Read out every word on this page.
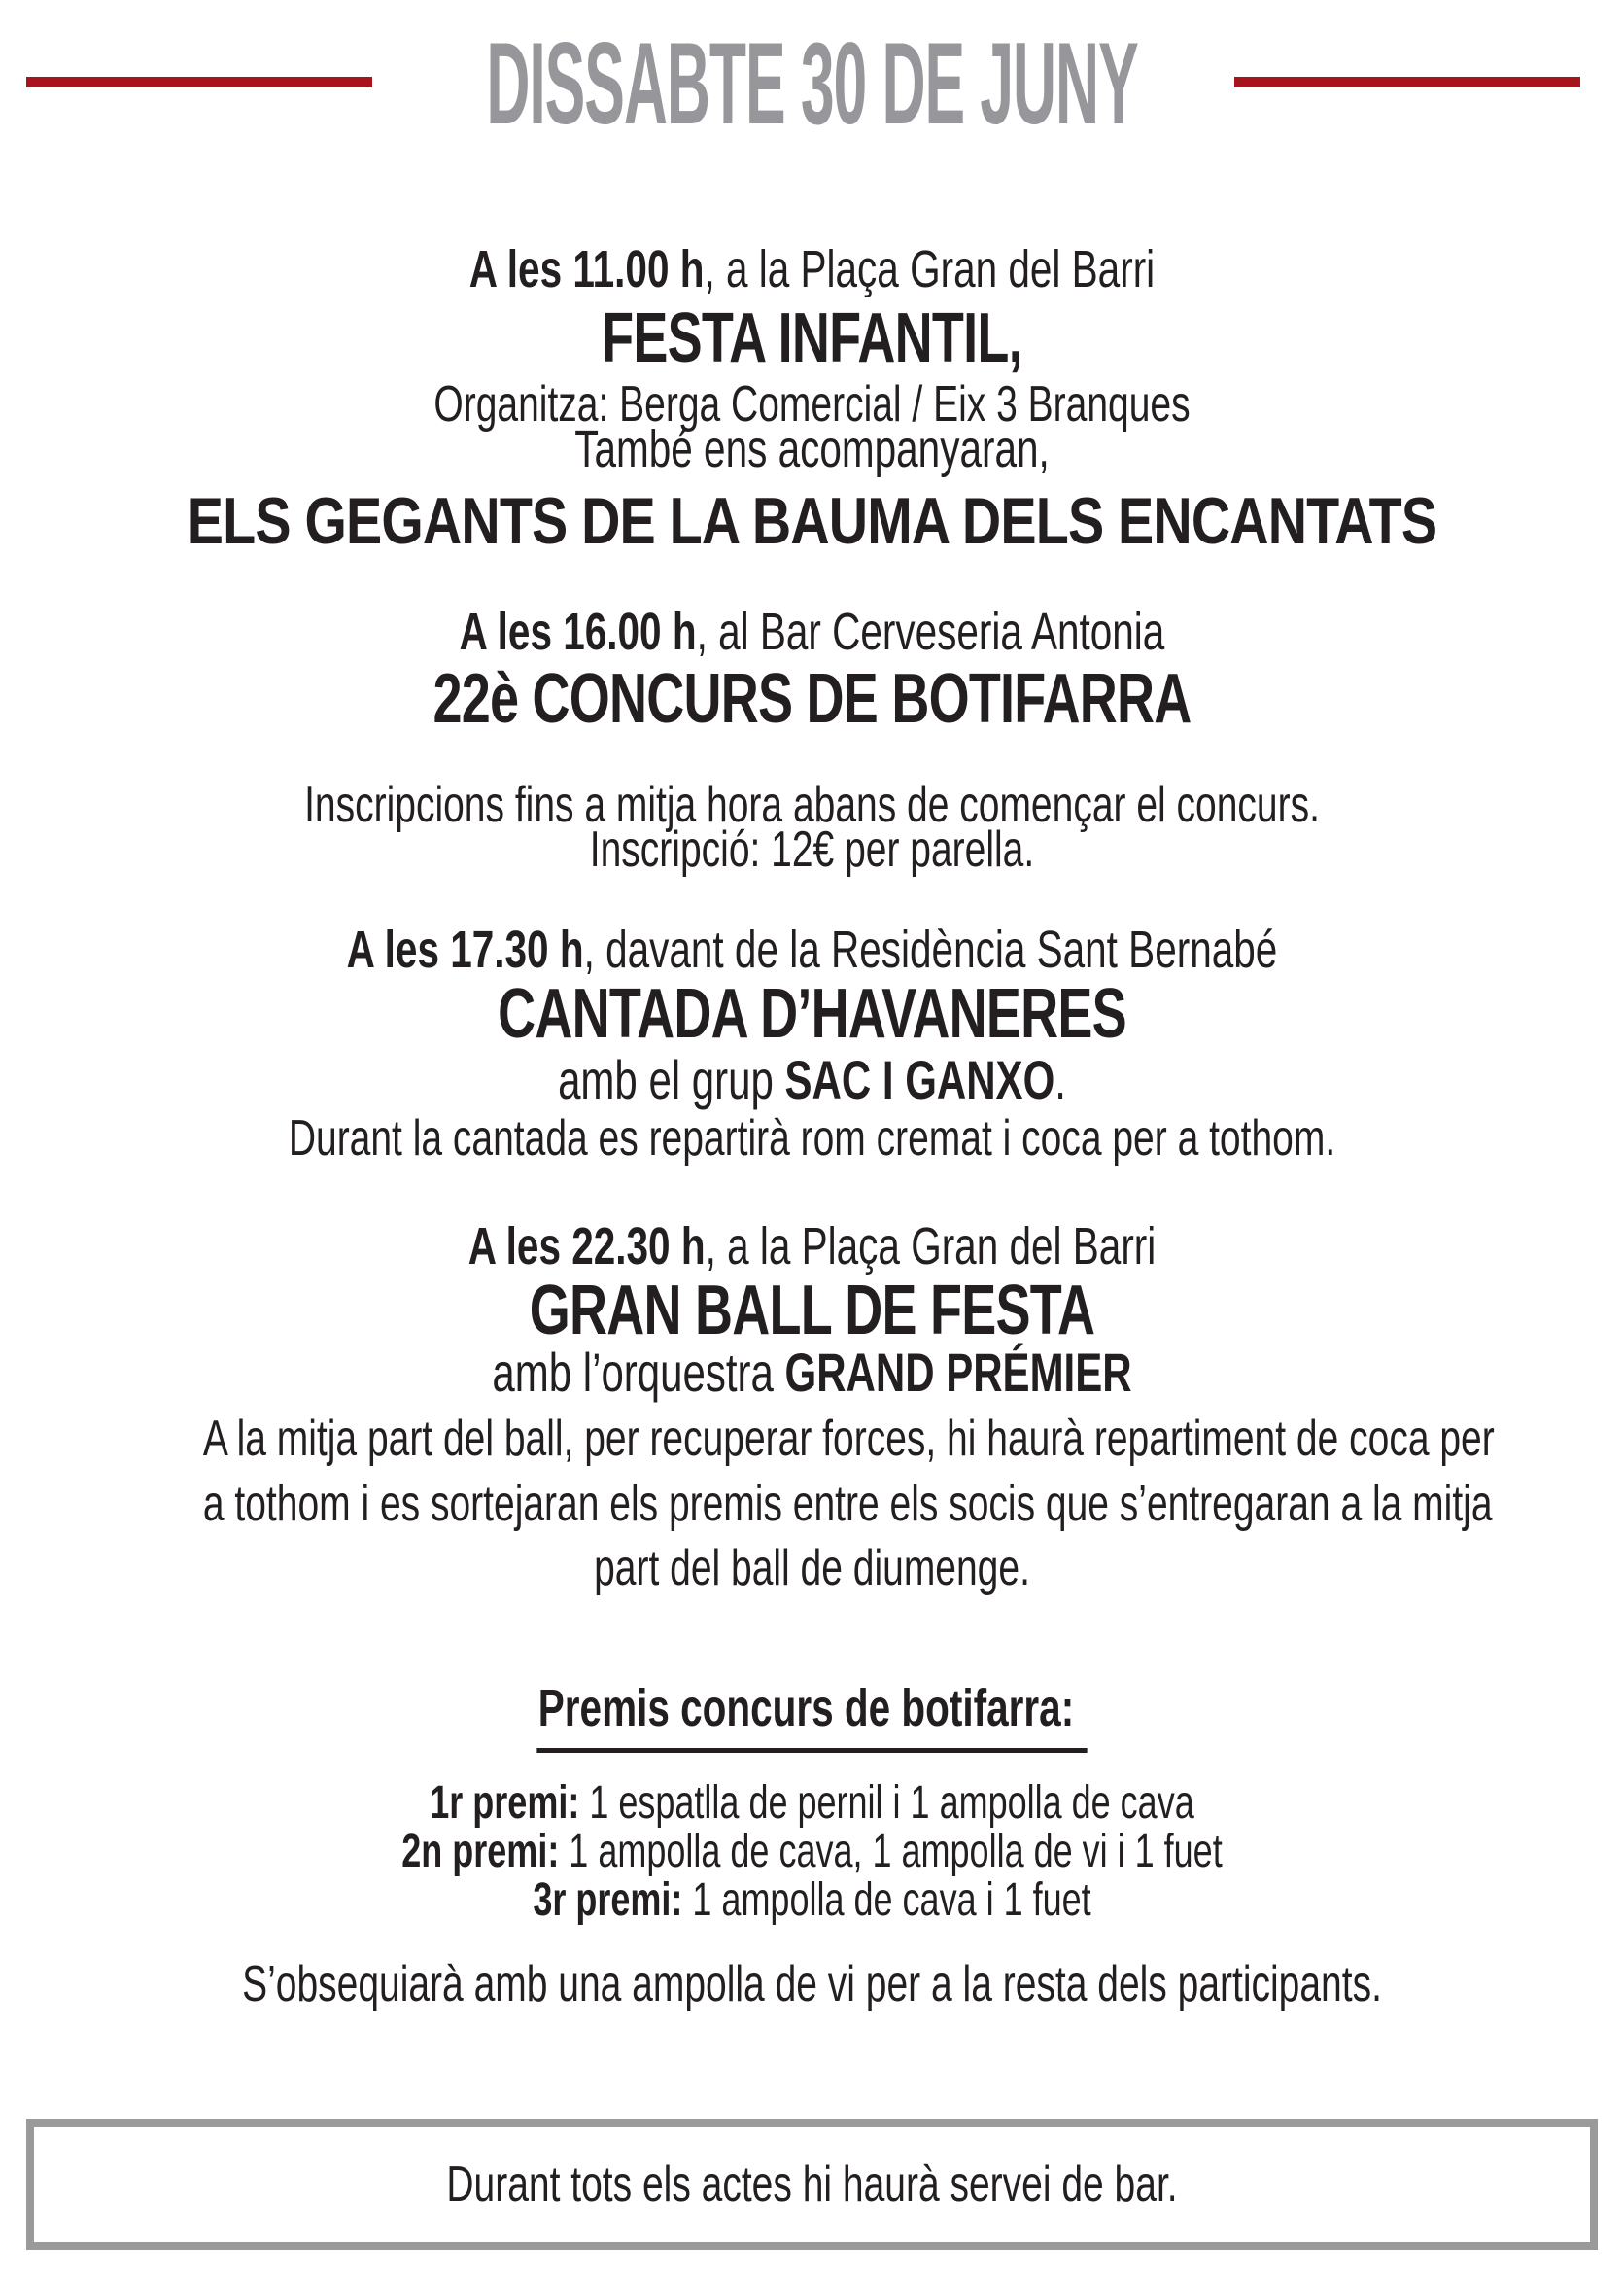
DISSABTE 30 DE JUNY
A les 11.00 h, a la Plaça Gran del Barri
FESTA INFANTIL,
Organitza: Berga Comercial / Eix 3 Branques
També ens acompanyaran,
ELS GEGANTS DE LA BAUMA DELS ENCANTATS
A les 16.00 h, al Bar Cerveseria Antonia
22è CONCURS DE BOTIFARRA
Inscripcions fins a mitja hora abans de començar el concurs.
Inscripció: 12€ per parella.
A les 17.30 h, davant de la Residència Sant Bernabé
CANTADA D’HAVANERES
amb el grup SAC I GANXO.
Durant la cantada es repartirà rom cremat i coca per a tothom.
A les 22.30 h, a la Plaça Gran del Barri
GRAN BALL DE FESTA
amb l’orquestra GRAND PRÉMIER
A la mitja part del ball, per recuperar forces, hi haurà repartiment de coca per
a tothom i es sortejaran els premis entre els socis que s’entregaran a la mitja
part del ball de diumenge.
Premis concurs de botifarra:
1r premi: 1 espatlla de pernil i 1 ampolla de cava
2n premi: 1 ampolla de cava, 1 ampolla de vi i 1 fuet
3r premi: 1 ampolla de cava i 1 fuet
S’obsequiarà amb una ampolla de vi per a la resta dels participants.
Durant tots els actes hi haurà servei de bar.
